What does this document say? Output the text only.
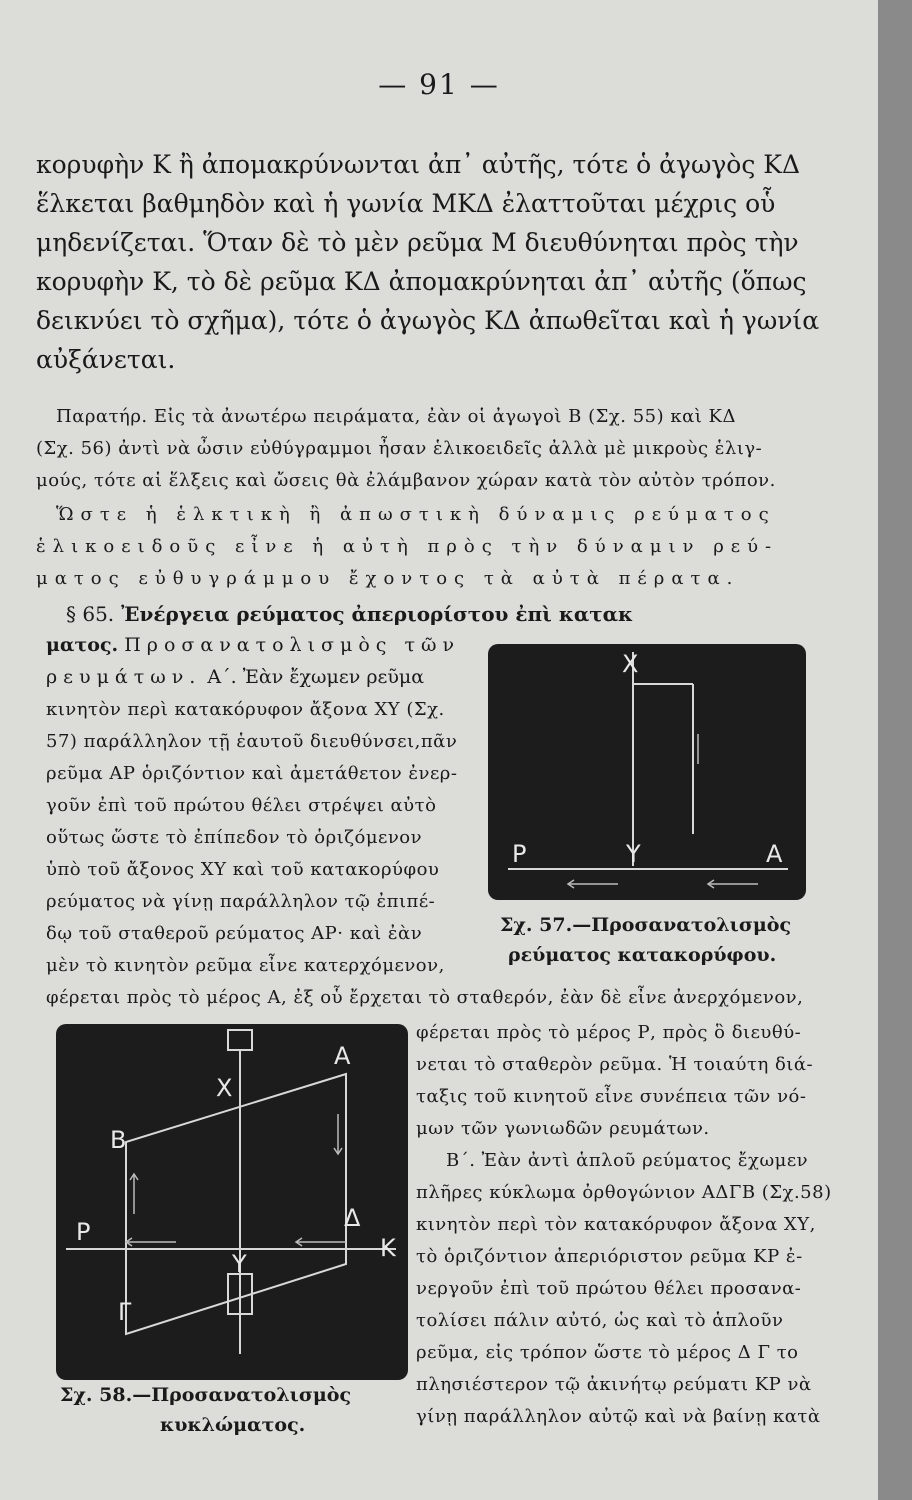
— 91 —

κορυφὴν Κ ἢ ἀπομακρύνωνται ἀπ᾿ αὐτῆς, τότε ὁ ἀγωγὸς ΚΔ

ἕλκεται βαθμηδὸν καὶ ἡ γωνία ΜΚΔ ἐλαττοῦται μέχρις οὗ

μηδενίζεται. Ὅταν δὲ τὸ μὲν ρεῦμα Μ διευθύνηται πρὸς τὴν

κορυφὴν Κ, τὸ δὲ ρεῦμα ΚΔ ἀπομακρύνηται ἀπ᾿ αὐτῆς (ὅπως

δεικνύει τὸ σχῆμα), τότε ὁ ἀγωγὸς ΚΔ ἀπωθεῖται καὶ ἡ γωνία

αὐξάνεται.

Παρατήρ. Εἰς τὰ ἀνωτέρω πειράματα, ἐὰν οἱ ἀγωγοὶ Β (Σχ. 55) καὶ ΚΔ

(Σχ. 56) ἀντὶ νὰ ὦσιν εὐθύγραμμοι ἦσαν ἑλικοειδεῖς ἀλλὰ μὲ μικροὺς ἑλιγ-

μούς, τότε αἱ ἕλξεις καὶ ὤσεις θὰ ἐλάμβανον χώραν κατὰ τὸν αὐτὸν τρόπον.

Ὥστε ἡ ἑλκτικὴ ἢ ἀπωστικὴ δύναμις ρεύματος

ἑλικοειδοῦς εἶνε ἡ αὐτὴ πρὸς τὴν δύναμιν ρεύ-

ματος εὐθυγράμμου ἔχοντος τὰ αὐτὰ πέρατα.

§ 65. Ἐνέργεια ρεύματος ἀπεριορίστου ἐπὶ κατακ

ματος. Προσανατολισμὸς τῶν

ρευμάτων. Α΄. Ἐὰν ἔχωμεν ρεῦμα

κινητὸν περὶ κατακόρυφον ἄξονα ΧΥ (Σχ.

57) παράλληλον τῇ ἑαυτοῦ διευθύνσει,πᾶν

ρεῦμα ΑΡ ὁριζόντιον καὶ ἀμετάθετον ἐνερ-

γοῦν ἐπὶ τοῦ πρώτου θέλει στρέψει αὐτὸ

οὕτως ὥστε τὸ ἐπίπεδον τὸ ὁριζόμενον

ὑπὸ τοῦ ἄξονος ΧΥ καὶ τοῦ κατακορύφου

ρεύματος νὰ γίνῃ παράλληλον τῷ ἐπιπέ-

δῳ τοῦ σταθεροῦ ρεύματος ΑΡ· καὶ ἐὰν

μὲν τὸ κινητὸν ρεῦμα εἶνε κατερχόμενον,

Χ
Ρ	Υ	Α

Σχ. 57.—Προσανατολισμὸς

ρεύματος κατακορύφου.

φέρεται πρὸς τὸ μέρος Α, ἐξ οὗ ἔρχεται τὸ σταθερόν, ἐὰν δὲ εἶνε ἀνερχόμενον,

Χ
Α
Β
Ρ	Δ
Κ
Υ
Γ

Σχ. 58.—Προσανατολισμὸς

κυκλώματος.

φέρεται πρὸς τὸ μέρος Ρ, πρὸς ὃ διευθύ-

νεται τὸ σταθερὸν ρεῦμα. Ἡ τοιαύτη διά-

ταξις τοῦ κινητοῦ εἶνε συνέπεια τῶν νό-

μων τῶν γωνιωδῶν ρευμάτων.

Β΄. Ἐὰν ἀντὶ ἁπλοῦ ρεύματος ἔχωμεν

πλῆρες κύκλωμα ὀρθογώνιον ΑΔΓΒ (Σχ.58)

κινητὸν περὶ τὸν κατακόρυφον ἄξονα ΧΥ,

τὸ ὁριζόντιον ἀπεριόριστον ρεῦμα ΚΡ ἐ-

νεργοῦν ἐπὶ τοῦ πρώτου θέλει προσανα-

τολίσει πάλιν αὐτό, ὡς καὶ τὸ ἁπλοῦν

ρεῦμα, εἰς τρόπον ὥστε τὸ μέρος Δ Γ το

πλησιέστερον τῷ ἀκινήτῳ ρεύματι ΚΡ νὰ

γίνῃ παράλληλον αὐτῷ καὶ νὰ βαίνῃ κατὰ
